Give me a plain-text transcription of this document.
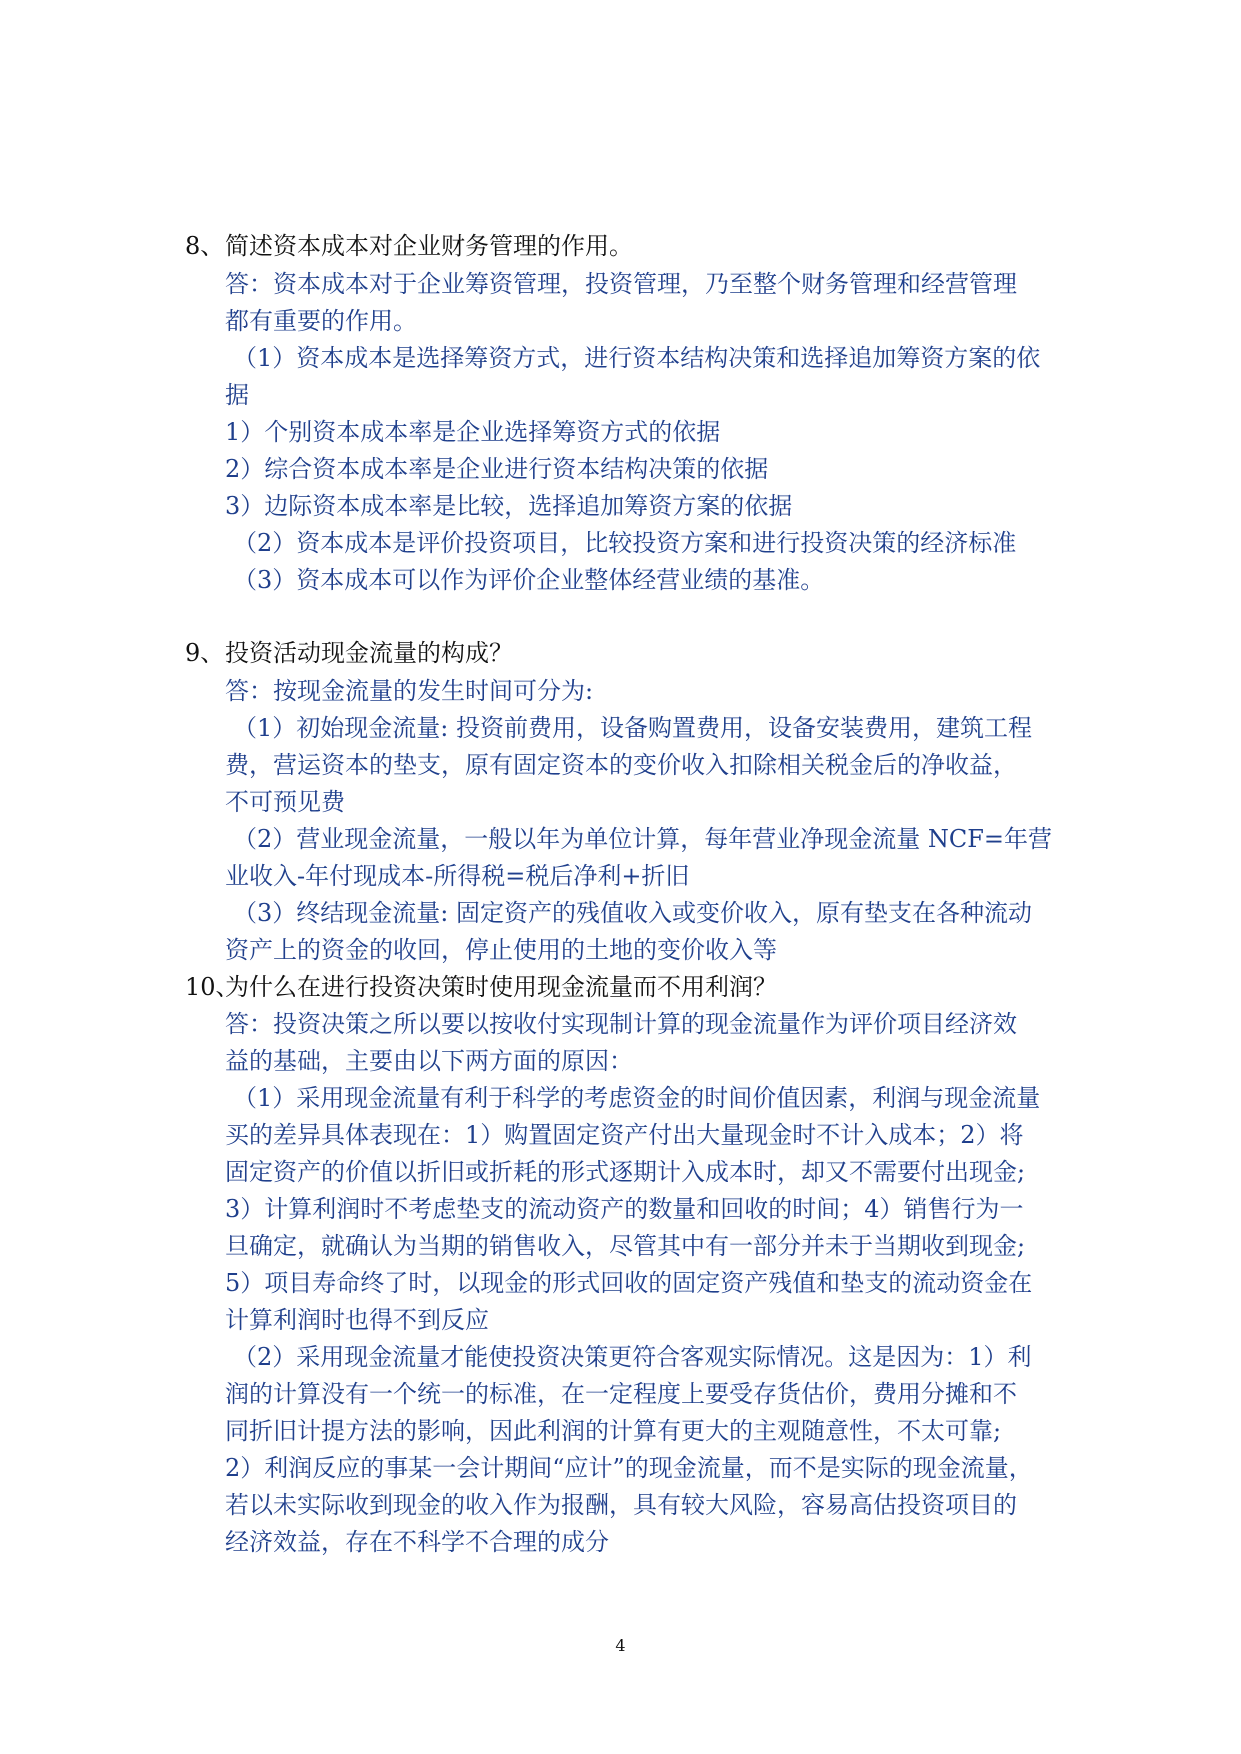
8、 简述资本成本对企业财务管理的作用。
答：资本成本对于企业筹资管理，投资管理，乃至整个财务管理和经营管理
都有重要的作用。
（1）资本成本是选择筹资方式，进行资本结构决策和选择追加筹资方案的依
据
1）个别资本成本率是企业选择筹资方式的依据
2）综合资本成本率是企业进行资本结构决策的依据
3）边际资本成本率是比较，选择追加筹资方案的依据
（2）资本成本是评价投资项目，比较投资方案和进行投资决策的经济标准
（3）资本成本可以作为评价企业整体经营业绩的基准。
9、 投资活动现金流量的构成？
答：按现金流量的发生时间可分为:
（1）初始现金流量: 投资前费用，设备购置费用，设备安装费用，建筑工程
费，营运资本的垫支，原有固定资本的变价收入扣除相关税金后的净收益，
不可预见费
（2）营业现金流量，一般以年为单位计算，每年营业净现金流量 NCF=年营
业收入-年付现成本-所得税=税后净利+折旧
（3）终结现金流量: 固定资产的残值收入或变价收入，原有垫支在各种流动
资产上的资金的收回，停止使用的土地的变价收入等
10、
为什么在进行投资决策时使用现金流量而不用利润？
答：投资决策之所以要以按收付实现制计算的现金流量作为评价项目经济效
益的基础，主要由以下两方面的原因：
（1）采用现金流量有利于科学的考虑资金的时间价值因素，利润与现金流量
买的差异具体表现在：1）购置固定资产付出大量现金时不计入成本；2）将
固定资产的价值以折旧或折耗的形式逐期计入成本时，却又不需要付出现金;
3）计算利润时不考虑垫支的流动资产的数量和回收的时间；4）销售行为一
旦确定，就确认为当期的销售收入，尽管其中有一部分并未于当期收到现金;
5）项目寿命终了时，以现金的形式回收的固定资产残值和垫支的流动资金在
计算利润时也得不到反应
（2）采用现金流量才能使投资决策更符合客观实际情况。这是因为：1）利
润的计算没有一个统一的标准，在一定程度上要受存货估价，费用分摊和不
同折旧计提方法的影响，因此利润的计算有更大的主观随意性，不太可靠;
2）利润反应的事某一会计期间“应计”的现金流量，而不是实际的现金流量，
若以未实际收到现金的收入作为报酬，具有较大风险，容易高估投资项目的
经济效益，存在不科学不合理的成分
4
